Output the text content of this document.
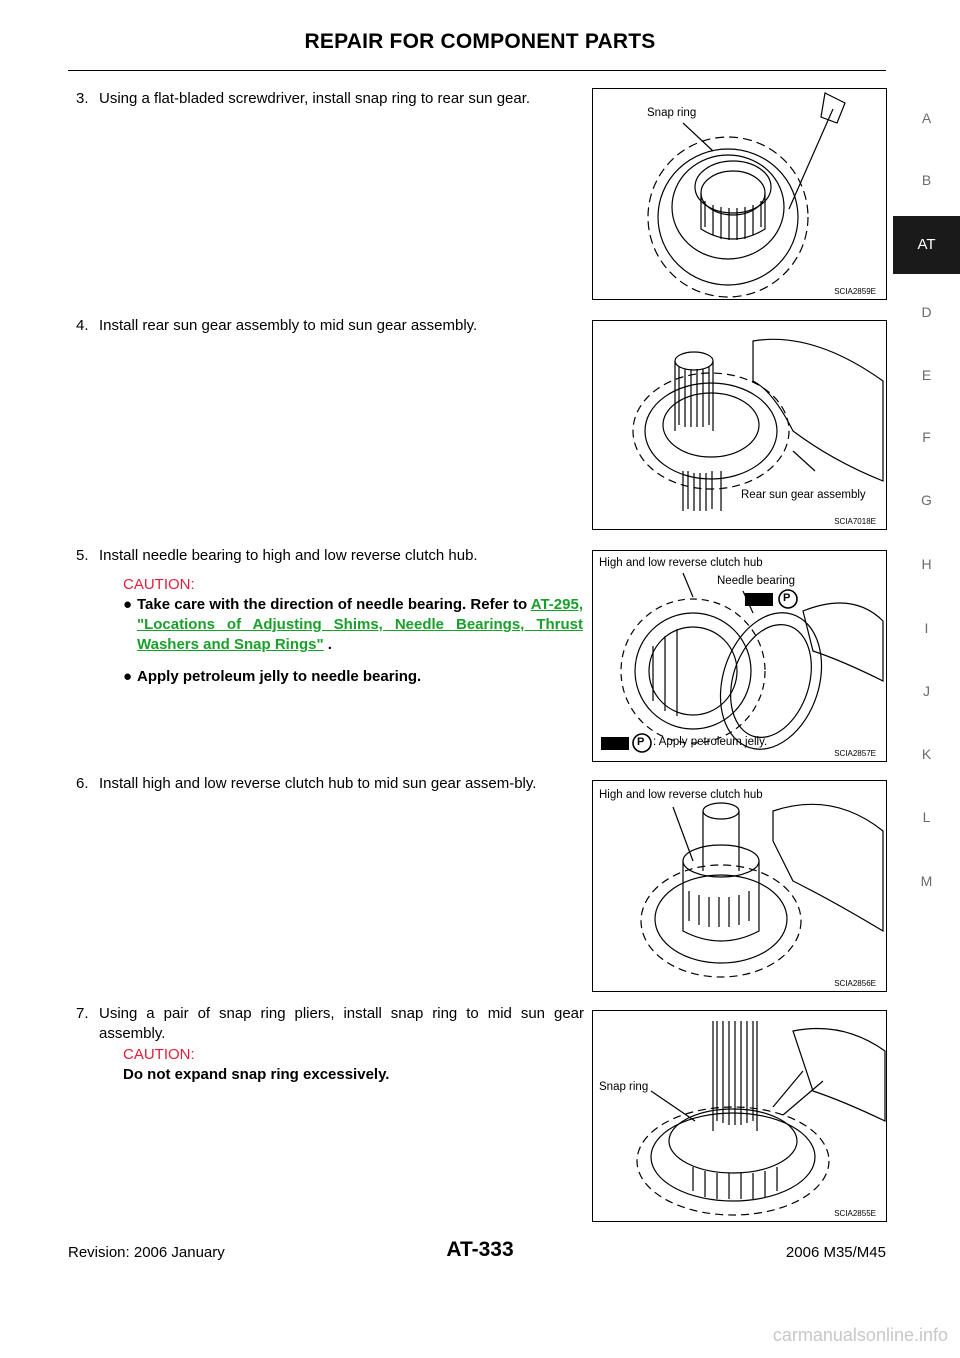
REPAIR FOR COMPONENT PARTS
A
B
AT
D
E
F
G
H
I
J
K
L
M
3. Using a flat-bladed screwdriver, install snap ring to rear sun gear.
4. Install rear sun gear assembly to mid sun gear assembly.
5. Install needle bearing to high and low reverse clutch hub.
CAUTION:
● Take care with the direction of needle bearing. Refer to AT-295, "Locations of Adjusting Shims, Needle Bearings, Thrust Washers and Snap Rings" .
● Apply petroleum jelly to needle bearing.
6. Install high and low reverse clutch hub to mid sun gear assem-bly.
7. Using a pair of snap ring pliers, install snap ring to mid sun gear assembly.
CAUTION:
Do not expand snap ring excessively.
Snap ring
SCIA2859E
Rear sun gear assembly
SCIA7018E
High and low reverse clutch hub
Needle bearing
P
P : Apply petroleum jelly.
SCIA2857E
High and low reverse clutch hub
SCIA2856E
Snap ring
SCIA2855E
Revision: 2006 January	AT-333	2006 M35/M45
carmanualsonline.info
